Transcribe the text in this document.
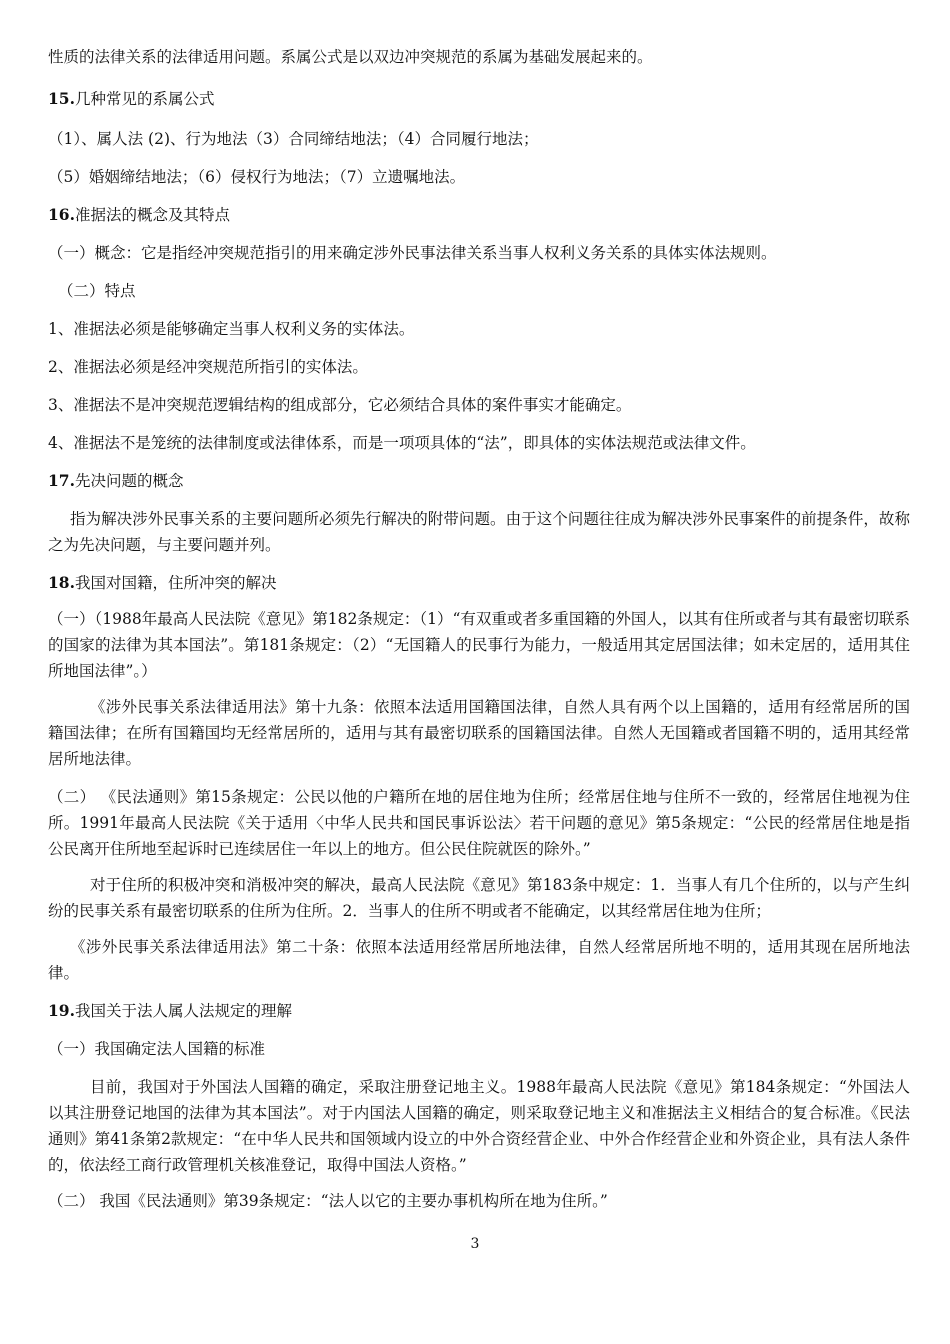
性质的法律关系的法律适用问题。系属公式是以双边冲突规范的系属为基础发展起来的。
15.几种常见的系属公式
（1）、属人法 (2)、行为地法（3）合同缔结地法；（4）合同履行地法；
（5）婚姻缔结地法；（6）侵权行为地法；（7）立遗嘱地法。
16.准据法的概念及其特点
（一）概念：它是指经冲突规范指引的用来确定涉外民事法律关系当事人权利义务关系的具体实体法规则。
（二）特点
1、准据法必须是能够确定当事人权利义务的实体法。
2、准据法必须是经冲突规范所指引的实体法。
3、准据法不是冲突规范逻辑结构的组成部分，它必须结合具体的案件事实才能确定。
4、准据法不是笼统的法律制度或法律体系，而是一项项具体的“法”，即具体的实体法规范或法律文件。
17.先决问题的概念
指为解决涉外民事关系的主要问题所必须先行解决的附带问题。由于这个问题往往成为解决涉外民事案件的前提条件，故称之为先决问题，与主要问题并列。
18.我国对国籍，住所冲突的解决
（一）（1988年最高人民法院《意见》第182条规定：（1）“有双重或者多重国籍的外国人，以其有住所或者与其有最密切联系的国家的法律为其本国法”。第181条规定：（2）“无国籍人的民事行为能力，一般适用其定居国法律；如未定居的，适用其住所地国法律”。）
《涉外民事关系法律适用法》第十九条：依照本法适用国籍国法律，自然人具有两个以上国籍的，适用有经常居所的国籍国法律；在所有国籍国均无经常居所的，适用与其有最密切联系的国籍国法律。自然人无国籍或者国籍不明的，适用其经常居所地法律。
（二） 《民法通则》第15条规定：公民以他的户籍所在地的居住地为住所；经常居住地与住所不一致的，经常居住地视为住所。1991年最高人民法院《关于适用〈中华人民共和国民事诉讼法〉若干问题的意见》第5条规定：“公民的经常居住地是指公民离开住所地至起诉时已连续居住一年以上的地方。但公民住院就医的除外。”
对于住所的积极冲突和消极冲突的解决，最高人民法院《意见》第183条中规定：1．当事人有几个住所的，以与产生纠纷的民事关系有最密切联系的住所为住所。2．当事人的住所不明或者不能确定，以其经常居住地为住所；
《涉外民事关系法律适用法》第二十条：依照本法适用经常居所地法律，自然人经常居所地不明的，适用其现在居所地法律。
19.我国关于法人属人法规定的理解
（一）我国确定法人国籍的标准
目前，我国对于外国法人国籍的确定，采取注册登记地主义。1988年最高人民法院《意见》第184条规定：“外国法人以其注册登记地国的法律为其本国法”。对于内国法人国籍的确定，则采取登记地主义和准据法主义相结合的复合标准。《民法通则》第41条第2款规定：“在中华人民共和国领域内设立的中外合资经营企业、中外合作经营企业和外资企业，具有法人条件的，依法经工商行政管理机关核准登记，取得中国法人资格。”
（二） 我国《民法通则》第39条规定：“法人以它的主要办事机构所在地为住所。”
3
